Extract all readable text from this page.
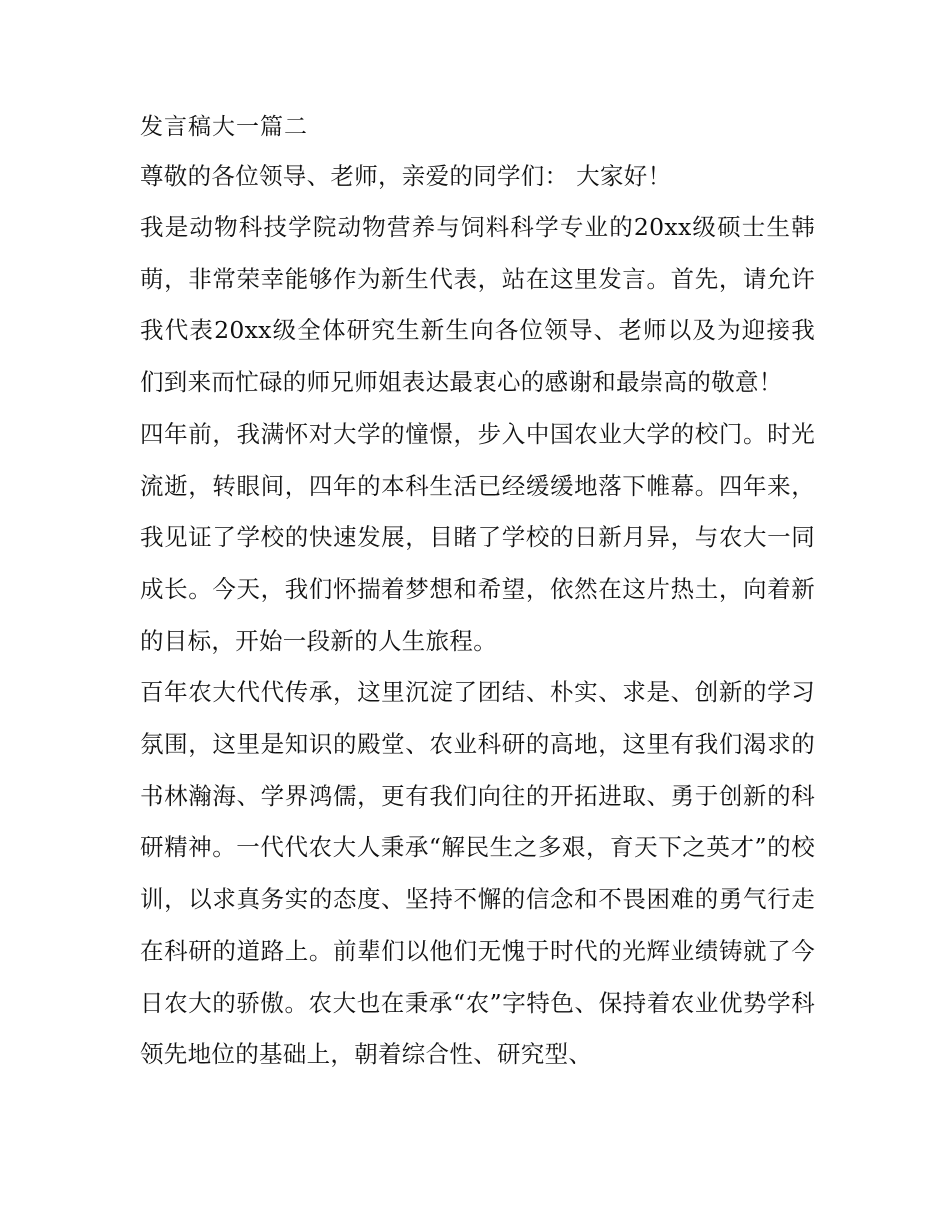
发言稿大一篇二

尊敬的各位领导、老师，亲爱的同学们： 大家好！

我是动物科技学院动物营养与饲料科学专业的20xx级硕士生韩萌，非常荣幸能够作为新生代表，站在这里发言。首先，请允许我代表20xx级全体研究生新生向各位领导、老师以及为迎接我们到来而忙碌的师兄师姐表达最衷心的感谢和最崇高的敬意！

四年前，我满怀对大学的憧憬，步入中国农业大学的校门。时光流逝，转眼间，四年的本科生活已经缓缓地落下帷幕。四年来，我见证了学校的快速发展，目睹了学校的日新月异，与农大一同成长。今天，我们怀揣着梦想和希望，依然在这片热土，向着新的目标，开始一段新的人生旅程。

百年农大代代传承，这里沉淀了团结、朴实、求是、创新的学习氛围，这里是知识的殿堂、农业科研的高地，这里有我们渴求的书林瀚海、学界鸿儒，更有我们向往的开拓进取、勇于创新的科研精神。一代代农大人秉承“解民生之多艰，育天下之英才”的校训，以求真务实的态度、坚持不懈的信念和不畏困难的勇气行走在科研的道路上。前辈们以他们无愧于时代的光辉业绩铸就了今日农大的骄傲。农大也在秉承“农”字特色、保持着农业优势学科领先地位的基础上，朝着综合性、研究型、
